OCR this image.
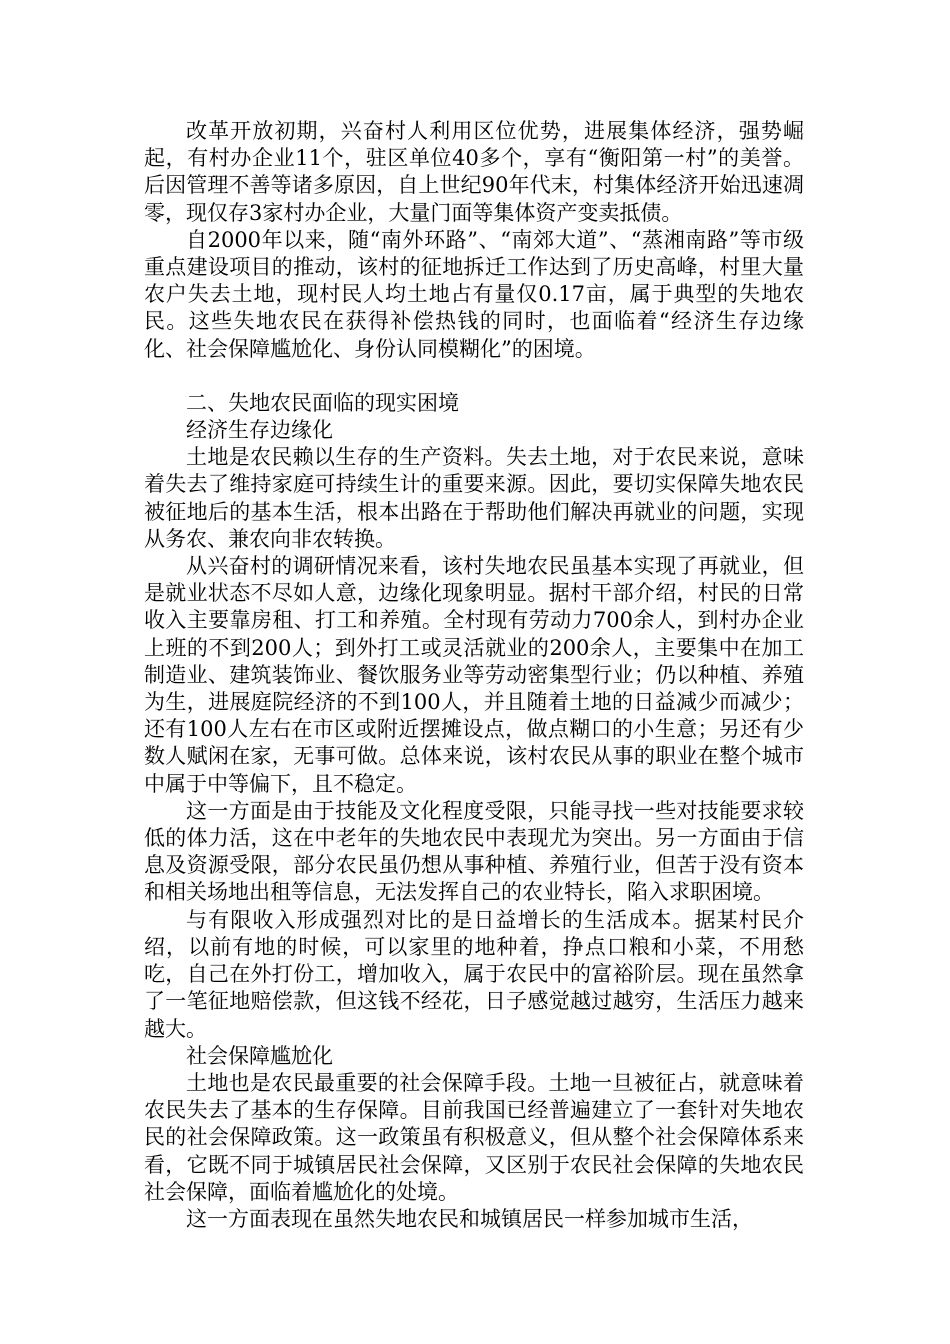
改革开放初期，兴奋村人利用区位优势，进展集体经济，强势崛起，有村办企业11个，驻区单位40多个，享有“衡阳第一村”的美誉。后因管理不善等诸多原因，自上世纪90年代末，村集体经济开始迅速凋零，现仅存3家村办企业，大量门面等集体资产变卖抵债。

自2000年以来，随“南外环路”、“南郊大道”、“蒸湘南路”等市级重点建设项目的推动，该村的征地拆迁工作达到了历史高峰，村里大量农户失去土地，现村民人均土地占有量仅0.17亩，属于典型的失地农民。这些失地农民在获得补偿热钱的同时，也面临着“经济生存边缘化、社会保障尴尬化、身份认同模糊化”的困境。

二、失地农民面临的现实困境

经济生存边缘化

土地是农民赖以生存的生产资料。失去土地，对于农民来说，意味着失去了维持家庭可持续生计的重要来源。因此，要切实保障失地农民被征地后的基本生活，根本出路在于帮助他们解决再就业的问题，实现从务农、兼农向非农转换。

从兴奋村的调研情况来看，该村失地农民虽基本实现了再就业，但是就业状态不尽如人意，边缘化现象明显。据村干部介绍，村民的日常收入主要靠房租、打工和养殖。全村现有劳动力700余人，到村办企业上班的不到200人；到外打工或灵活就业的200余人，主要集中在加工制造业、建筑装饰业、餐饮服务业等劳动密集型行业；仍以种植、养殖为生，进展庭院经济的不到100人，并且随着土地的日益减少而减少；还有100人左右在市区或附近摆摊设点，做点糊口的小生意；另还有少数人赋闲在家，无事可做。总体来说，该村农民从事的职业在整个城市中属于中等偏下，且不稳定。

这一方面是由于技能及文化程度受限，只能寻找一些对技能要求较低的体力活，这在中老年的失地农民中表现尤为突出。另一方面由于信息及资源受限，部分农民虽仍想从事种植、养殖行业，但苦于没有资本和相关场地出租等信息，无法发挥自己的农业特长，陷入求职困境。

与有限收入形成强烈对比的是日益增长的生活成本。据某村民介绍，以前有地的时候，可以家里的地种着，挣点口粮和小菜，不用愁吃，自己在外打份工，增加收入，属于农民中的富裕阶层。现在虽然拿了一笔征地赔偿款，但这钱不经花，日子感觉越过越穷，生活压力越来越大。

社会保障尴尬化

土地也是农民最重要的社会保障手段。土地一旦被征占，就意味着农民失去了基本的生存保障。目前我国已经普遍建立了一套针对失地农民的社会保障政策。这一政策虽有积极意义，但从整个社会保障体系来看，它既不同于城镇居民社会保障，又区别于农民社会保障的失地农民社会保障，面临着尴尬化的处境。

这一方面表现在虽然失地农民和城镇居民一样参加城市生活，
